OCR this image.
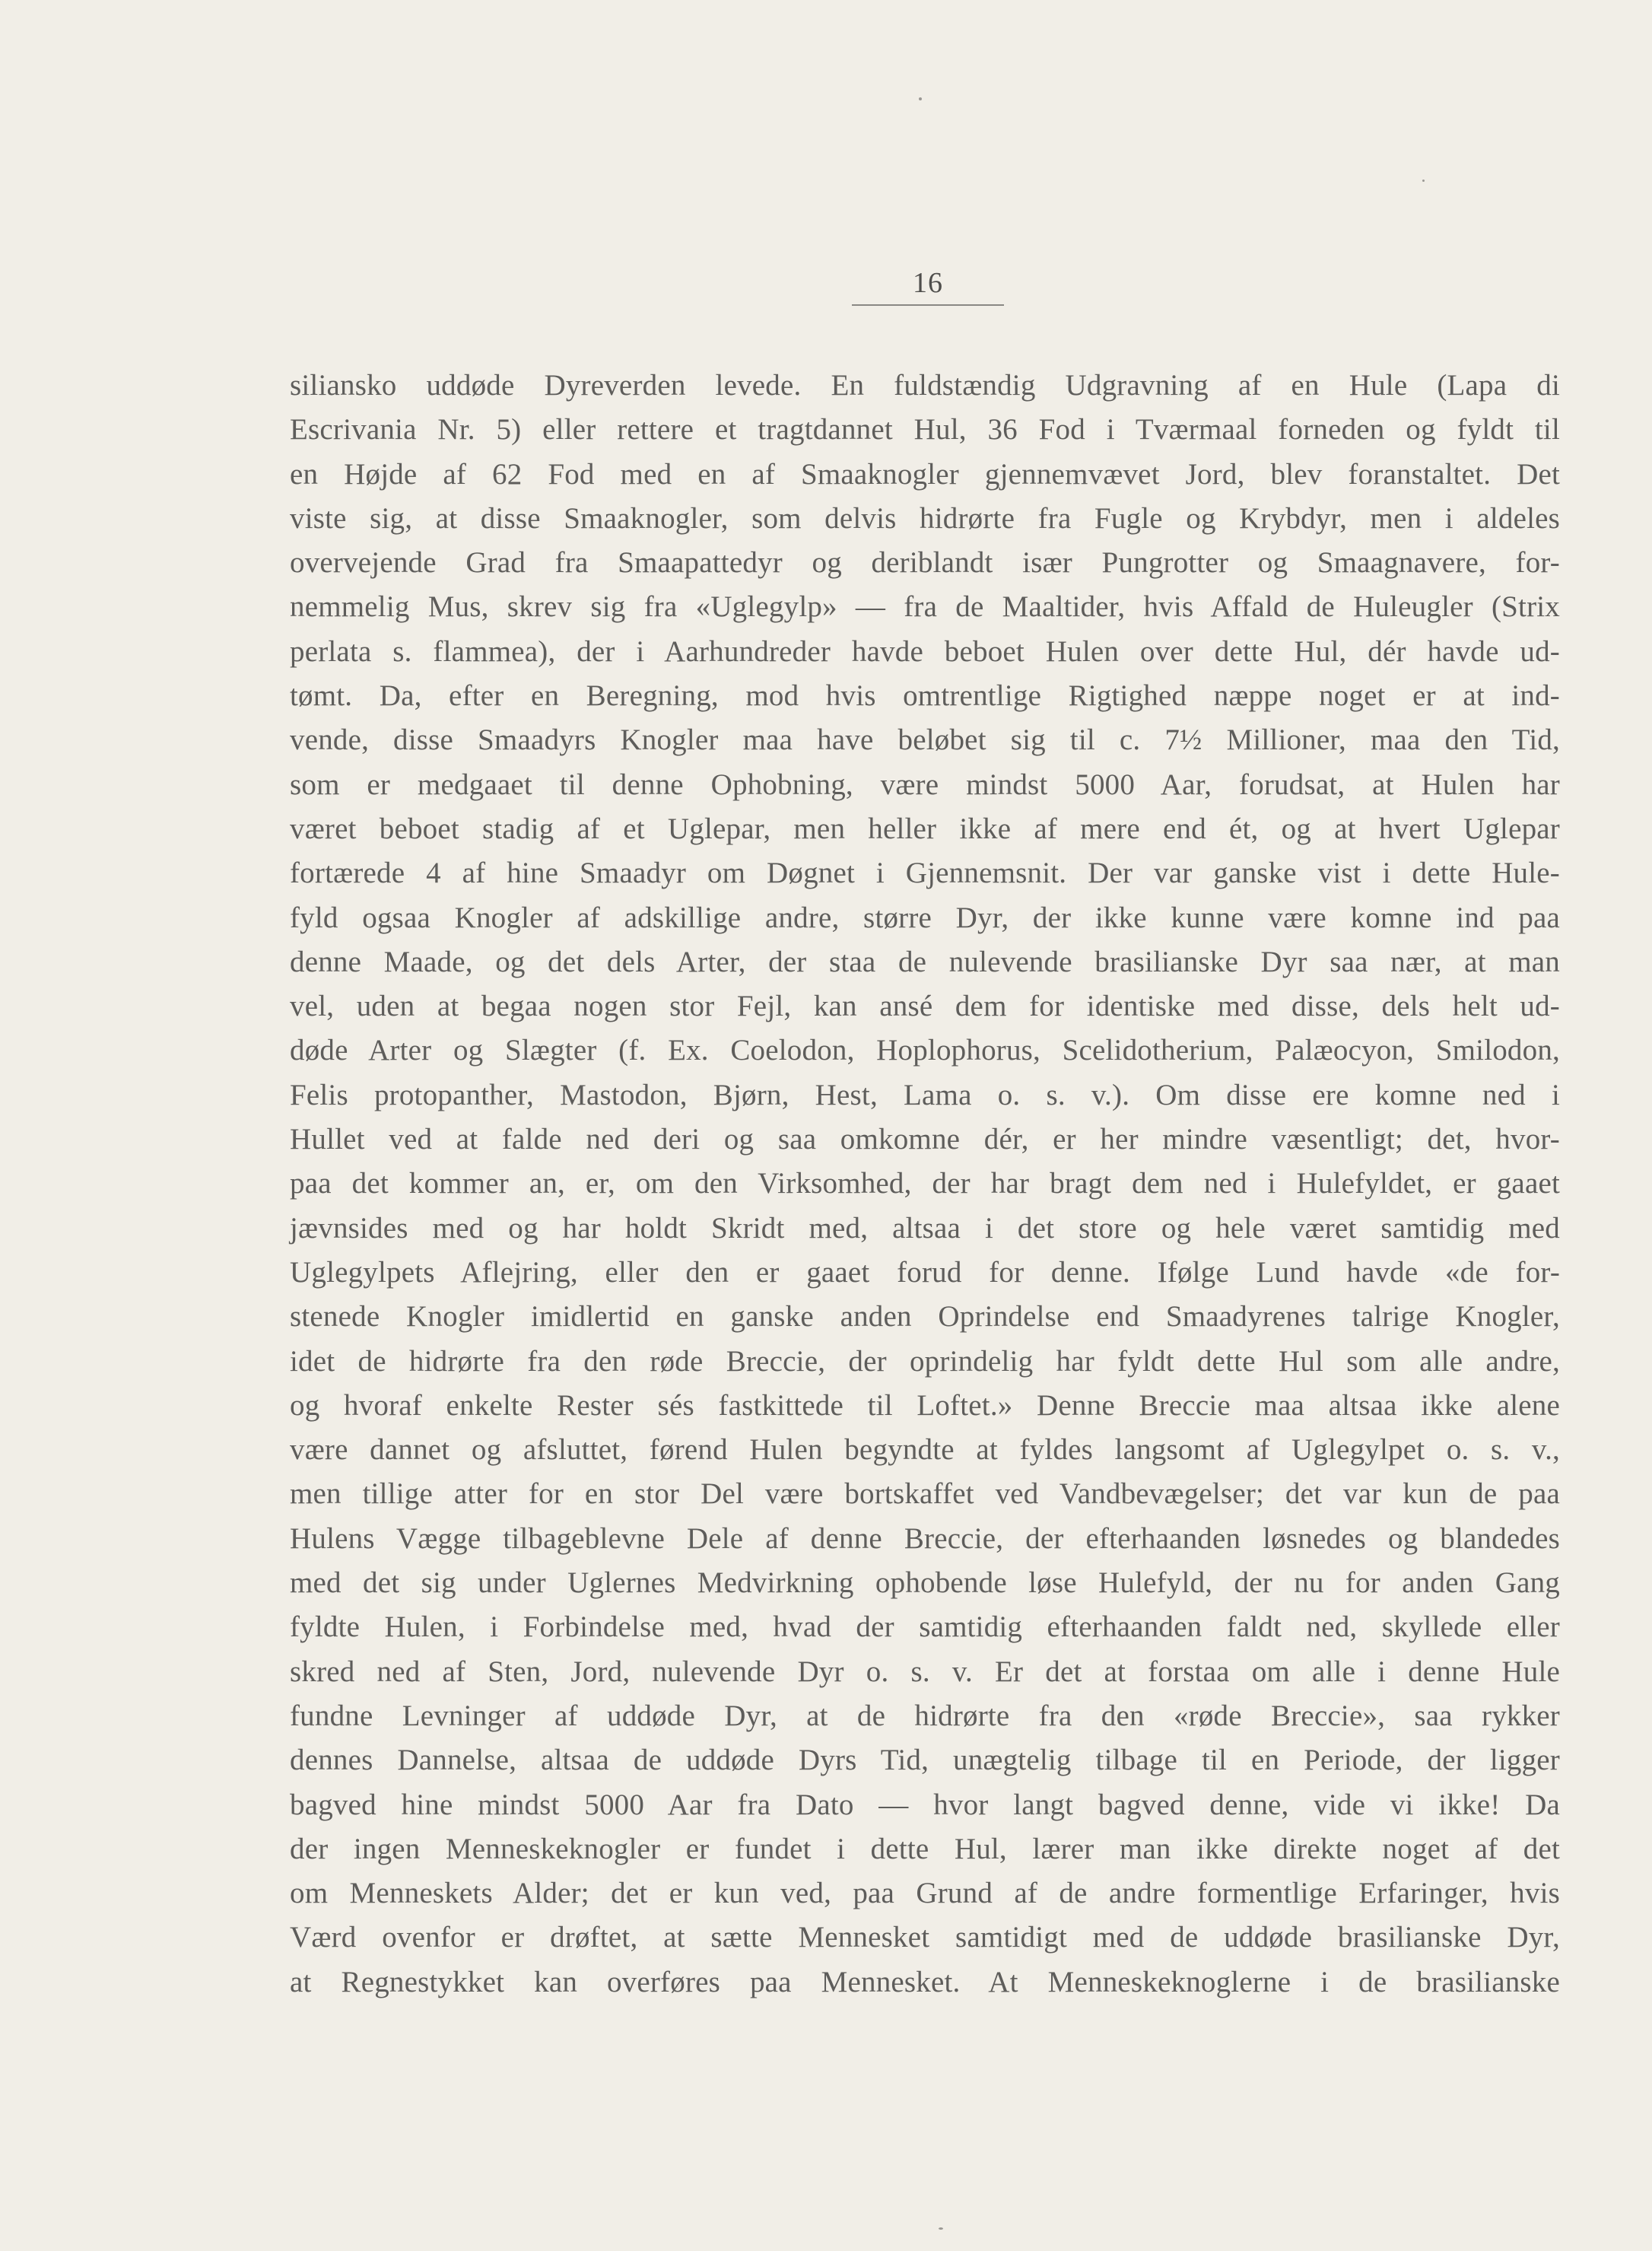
16
siliansko uddøde Dyreverden levede. En fuldstændig Udgravning af en Hule (Lapa di
Escrivania Nr. 5) eller rettere et tragtdannet Hul, 36 Fod i Tværmaal forneden og fyldt til
en Højde af 62 Fod med en af Smaaknogler gjennemvævet Jord, blev foranstaltet. Det
viste sig, at disse Smaaknogler, som delvis hidrørte fra Fugle og Krybdyr, men i aldeles
overvejende Grad fra Smaapattedyr og deriblandt især Pungrotter og Smaagnavere, for-
nemmelig Mus, skrev sig fra «Uglegylp» — fra de Maaltider, hvis Affald de Huleugler (Strix
perlata s. flammea), der i Aarhundreder havde beboet Hulen over dette Hul, dér havde ud-
tømt. Da, efter en Beregning, mod hvis omtrentlige Rigtighed næppe noget er at ind-
vende, disse Smaadyrs Knogler maa have beløbet sig til c. 7½ Millioner, maa den Tid,
som er medgaaet til denne Ophobning, være mindst 5000 Aar, forudsat, at Hulen har
været beboet stadig af et Uglepar, men heller ikke af mere end ét, og at hvert Uglepar
fortærede 4 af hine Smaadyr om Døgnet i Gjennemsnit. Der var ganske vist i dette Hule-
fyld ogsaa Knogler af adskillige andre, større Dyr, der ikke kunne være komne ind paa
denne Maade, og det dels Arter, der staa de nulevende brasilianske Dyr saa nær, at man
vel, uden at begaa nogen stor Fejl, kan ansé dem for identiske med disse, dels helt ud-
døde Arter og Slægter (f. Ex. Coelodon, Hoplophorus, Scelidotherium, Palæocyon, Smilodon,
Felis protopanther, Mastodon, Bjørn, Hest, Lama o. s. v.). Om disse ere komne ned i
Hullet ved at falde ned deri og saa omkomne dér, er her mindre væsentligt; det, hvor-
paa det kommer an, er, om den Virksomhed, der har bragt dem ned i Hulefyldet, er gaaet
jævnsides med og har holdt Skridt med, altsaa i det store og hele været samtidig med
Uglegylpets Aflejring, eller den er gaaet forud for denne. Ifølge Lund havde «de for-
stenede Knogler imidlertid en ganske anden Oprindelse end Smaadyrenes talrige Knogler,
idet de hidrørte fra den røde Breccie, der oprindelig har fyldt dette Hul som alle andre,
og hvoraf enkelte Rester sés fastkittede til Loftet.» Denne Breccie maa altsaa ikke alene
være dannet og afsluttet, førend Hulen begyndte at fyldes langsomt af Uglegylpet o. s. v.,
men tillige atter for en stor Del være bortskaffet ved Vandbevægelser; det var kun de paa
Hulens Vægge tilbageblevne Dele af denne Breccie, der efterhaanden løsnedes og blandedes
med det sig under Uglernes Medvirkning ophobende løse Hulefyld, der nu for anden Gang
fyldte Hulen, i Forbindelse med, hvad der samtidig efterhaanden faldt ned, skyllede eller
skred ned af Sten, Jord, nulevende Dyr o. s. v. Er det at forstaa om alle i denne Hule
fundne Levninger af uddøde Dyr, at de hidrørte fra den «røde Breccie», saa rykker
dennes Dannelse, altsaa de uddøde Dyrs Tid, unægtelig tilbage til en Periode, der ligger
bagved hine mindst 5000 Aar fra Dato — hvor langt bagved denne, vide vi ikke! Da
der ingen Menneskeknogler er fundet i dette Hul, lærer man ikke direkte noget af det
om Menneskets Alder; det er kun ved, paa Grund af de andre formentlige Erfaringer, hvis
Værd ovenfor er drøftet, at sætte Mennesket samtidigt med de uddøde brasilianske Dyr,
at Regnestykket kan overføres paa Mennesket. At Menneskeknoglerne i de brasilianske
